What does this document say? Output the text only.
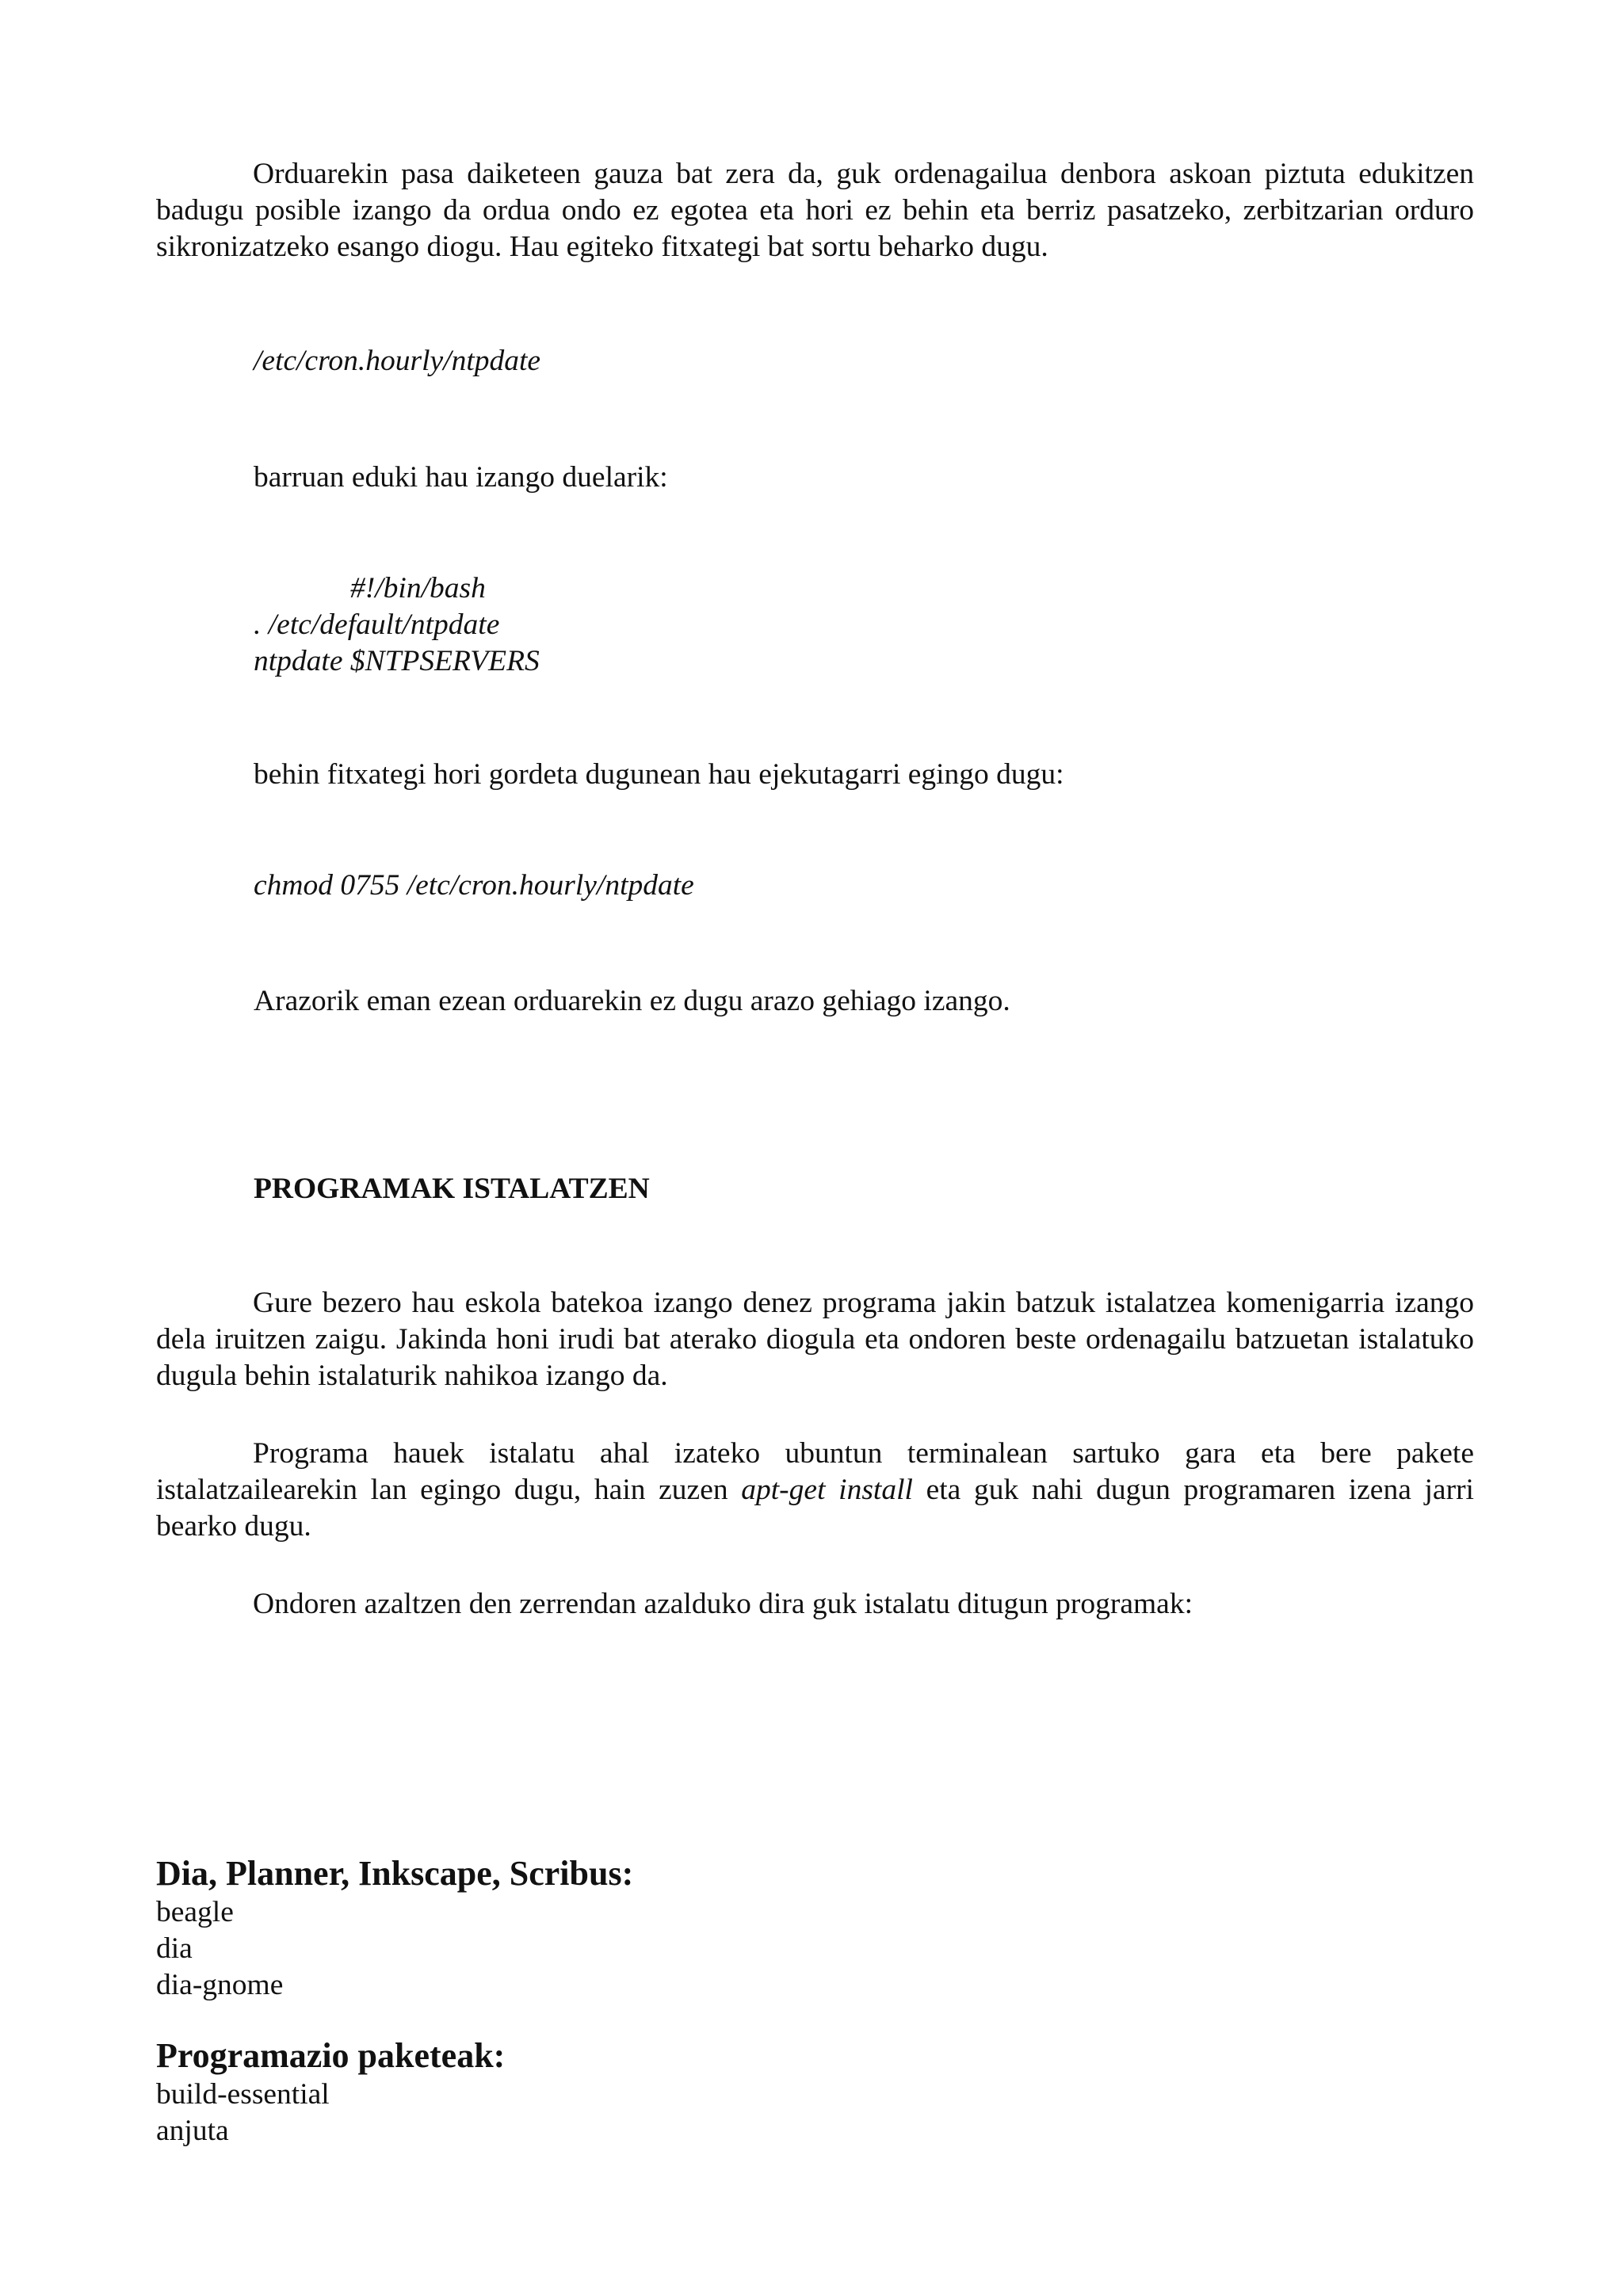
Orduarekin pasa daiketeen gauza bat zera da, guk ordenagailua denbora askoan piztuta edukitzen badugu posible izango da ordua ondo ez egotea eta hori ez behin eta berriz pasatzeko, zerbitzarian orduro sikronizatzeko esango diogu. Hau egiteko fitxategi bat sortu beharko dugu.

/etc/cron.hourly/ntpdate
barruan eduki hau izango duelarik:
#!/bin/bash
. /etc/default/ntpdate
ntpdate $NTPSERVERS
behin fitxategi hori gordeta dugunean hau ejekutagarri egingo dugu:
chmod 0755 /etc/cron.hourly/ntpdate
Arazorik eman ezean orduarekin ez dugu arazo gehiago izango.
PROGRAMAK ISTALATZEN

Gure bezero hau eskola batekoa izango denez programa jakin batzuk istalatzea komenigarria izango dela iruitzen zaigu. Jakinda honi irudi bat aterako diogula eta ondoren beste ordenagailu batzuetan istalatuko dugula behin istalaturik nahikoa izango da.

Programa hauek istalatu ahal izateko ubuntun terminalean sartuko gara eta bere pakete istalatzailearekin lan egingo dugu, hain zuzen apt-get install eta guk nahi dugun programaren izena jarri bearko dugu.

Ondoren azaltzen den zerrendan azalduko dira guk istalatu ditugun programak:

Dia, Planner, Inkscape, Scribus:
beagle
dia
dia-gnome
Programazio paketeak:
build-essential
anjuta
